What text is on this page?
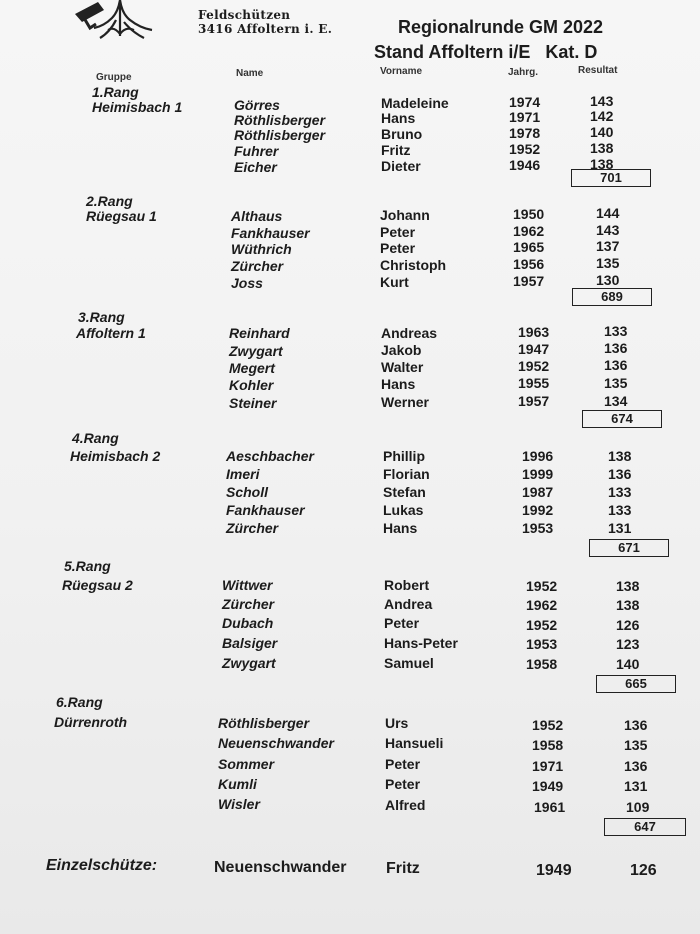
Feldschützen
3416 Affoltern i. E.	Regionalrunde GM 2022
Stand Affoltern i/E   Kat. D
Gruppe	Name	Vorname	Jahrg.	Resultat
1.Rang
Heimisbach 1	Görres	Madeleine	1974	143
Röthlisberger	Hans	1971	142
Röthlisberger	Bruno	1978	140
Fuhrer	Fritz	1952	138
Eicher	Dieter	1946	138
701
2.Rang
Rüegsau 1	Althaus	Johann	1950	144
Fankhauser	Peter	1962	143
Wüthrich	Peter	1965	137
Zürcher	Christoph	1956	135
Joss	Kurt	1957	130
689
3.Rang
Affoltern 1	Reinhard	Andreas	1963	133
Zwygart	Jakob	1947	136
Megert	Walter	1952	136
Kohler	Hans	1955	135
Steiner	Werner	1957	134
674
4.Rang
Heimisbach 2	Aeschbacher	Phillip	1996	138
Imeri	Florian	1999	136
Scholl	Stefan	1987	133
Fankhauser	Lukas	1992	133
Zürcher	Hans	1953	131
671
5.Rang
Rüegsau 2	Wittwer	Robert	1952	138
Zürcher	Andrea	1962	138
Dubach	Peter	1952	126
Balsiger	Hans-Peter	1953	123
Zwygart	Samuel	1958	140
665
6.Rang
Dürrenroth	Röthlisberger	Urs	1952	136
Neuenschwander	Hansueli	1958	135
Sommer	Peter	1971	136
Kumli	Peter	1949	131
Wisler	Alfred	1961	109
647
Einzelschütze:	Neuenschwander Fritz	1949	126
